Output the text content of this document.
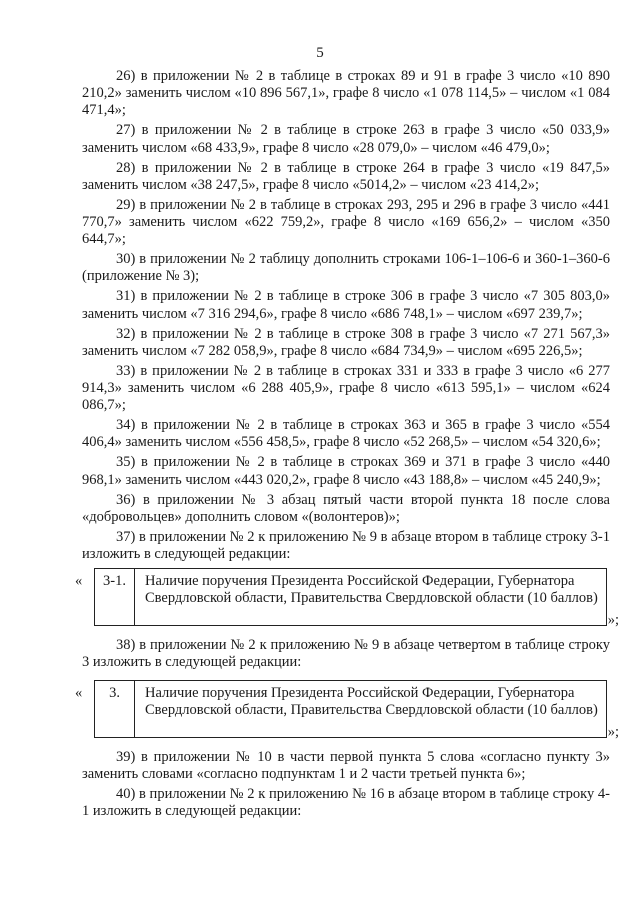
5

26) в приложении № 2 в таблице в строках 89 и 91 в графе 3 число «10 890 210,2» заменить числом «10 896 567,1», графе 8 число «1 078 114,5» – числом «1 084 471,4»;

27) в приложении № 2 в таблице в строке 263 в графе 3 число «50 033,9» заменить числом «68 433,9», графе 8 число «28 079,0» – числом «46 479,0»;

28) в приложении № 2 в таблице в строке 264 в графе 3 число «19 847,5» заменить числом «38 247,5», графе 8 число «5014,2» – числом «23 414,2»;

29) в приложении № 2 в таблице в строках 293, 295 и 296 в графе 3 число «441 770,7» заменить числом «622 759,2», графе 8 число «169 656,2» – числом «350 644,7»;

30) в приложении № 2 таблицу дополнить строками 106-1–106-6 и 360-1–360-6 (приложение № 3);

31) в приложении № 2 в таблице в строке 306 в графе 3 число «7 305 803,0» заменить числом «7 316 294,6», графе 8 число «686 748,1» – числом «697 239,7»;

32) в приложении № 2 в таблице в строке 308 в графе 3 число «7 271 567,3» заменить числом «7 282 058,9», графе 8 число «684 734,9» – числом «695 226,5»;

33) в приложении № 2 в таблице в строках 331 и 333 в графе 3 число «6 277 914,3» заменить числом «6 288 405,9», графе 8 число «613 595,1» – числом «624 086,7»;

34) в приложении № 2 в таблице в строках 363 и 365 в графе 3 число «554 406,4» заменить числом «556 458,5», графе 8 число «52 268,5» – числом «54 320,6»;

35) в приложении № 2 в таблице в строках 369 и 371 в графе 3 число «440 968,1» заменить числом «443 020,2», графе 8 число «43 188,8» – числом «45 240,9»;

36) в приложении № 3 абзац пятый части второй пункта 18 после слова «добровольцев» дополнить словом «(волонтеров)»;

37) в приложении № 2 к приложению № 9 в абзаце втором в таблице строку 3-1 изложить в следующей редакции:

«	3-1.	Наличие поручения Президента Российской Федерации, Губернатора Свердловской области, Правительства Свердловской области (10 баллов)
»;

38) в приложении № 2 к приложению № 9 в абзаце четвертом в таблице строку 3 изложить в следующей редакции:

«	3.	Наличие поручения Президента Российской Федерации, Губернатора Свердловской области, Правительства Свердловской области (10 баллов)
»;

39) в приложении № 10 в части первой пункта 5 слова «согласно пункту 3» заменить словами «согласно подпунктам 1 и 2 части третьей пункта 6»;

40) в приложении № 2 к приложению № 16 в абзаце втором в таблице строку 4-1 изложить в следующей редакции:
